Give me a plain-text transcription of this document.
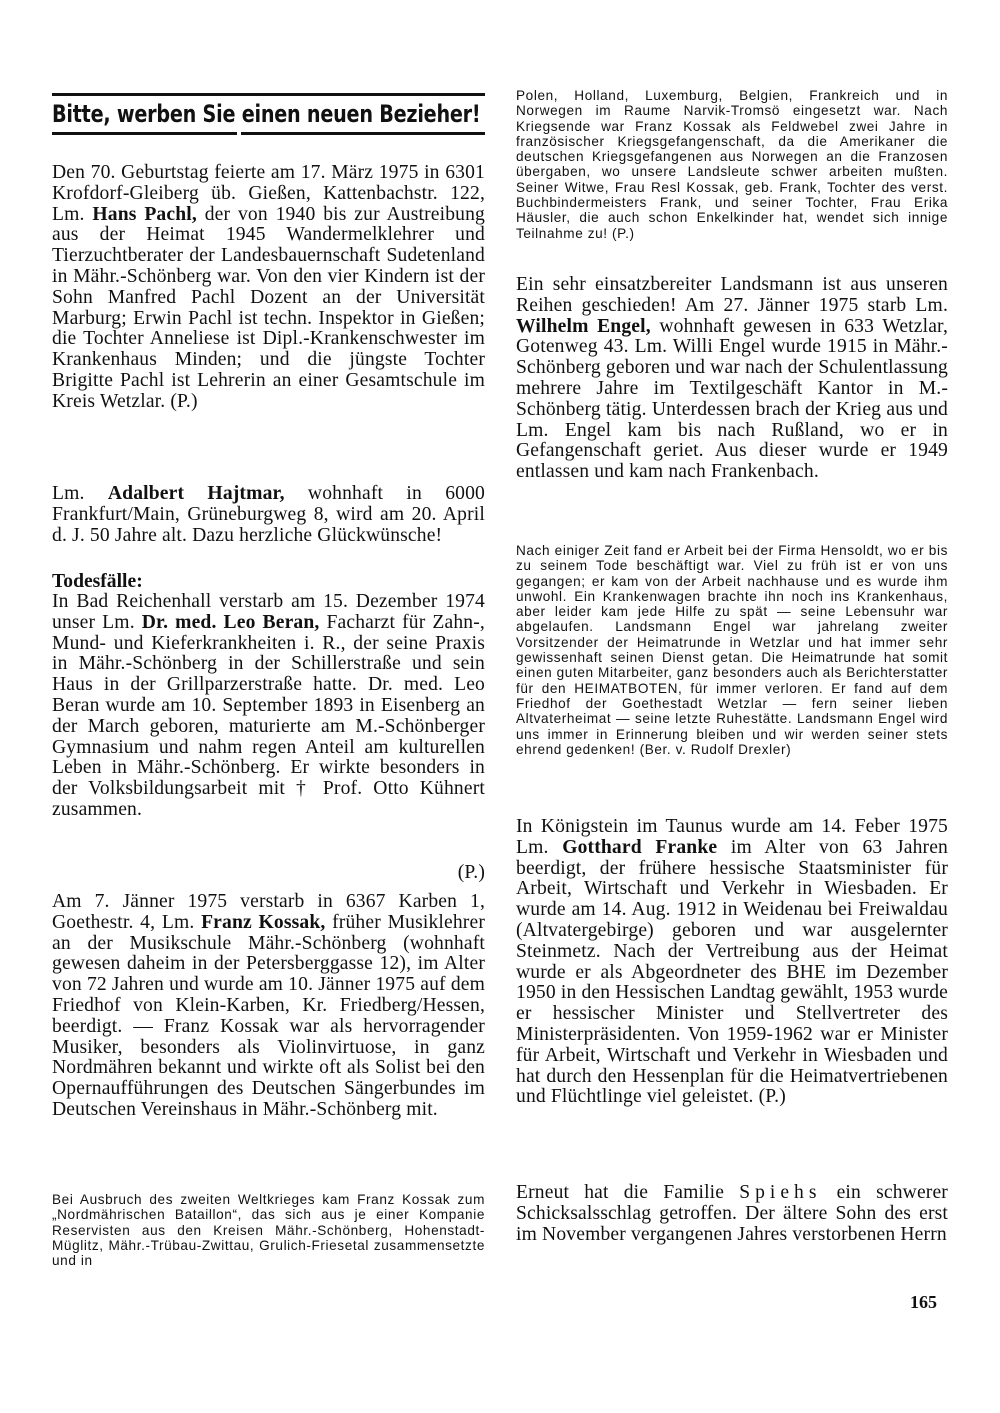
Bitte, werben Sie einen neuen Bezieher!

Den 70. Geburtstag feierte am 17. März 1975 in 6301 Krofdorf-Gleiberg üb. Gießen, Kattenbachstr. 122, Lm. Hans Pachl, der von 1940 bis zur Austreibung aus der Heimat 1945 Wandermelklehrer und Tierzuchtberater der Landesbauernschaft Sudetenland in Mähr.-Schönberg war. Von den vier Kindern ist der Sohn Manfred Pachl Dozent an der Universität Marburg; Erwin Pachl ist techn. Inspektor in Gießen; die Tochter Anneliese ist Dipl.-Krankenschwester im Krankenhaus Minden; und die jüngste Tochter Brigitte Pachl ist Lehrerin an einer Gesamtschule im Kreis Wetzlar. (P.)

Lm. Adalbert Hajtmar, wohnhaft in 6000 Frankfurt/Main, Grüneburgweg 8, wird am 20. April d. J. 50 Jahre alt. Dazu herzliche Glückwünsche!

Todesfälle:

In Bad Reichenhall verstarb am 15. Dezember 1974 unser Lm. Dr. med. Leo Beran, Facharzt für Zahn-, Mund- und Kieferkrankheiten i. R., der seine Praxis in Mähr.-Schönberg in der Schillerstraße und sein Haus in der Grillparzerstraße hatte. Dr. med. Leo Beran wurde am 10. September 1893 in Eisenberg an der March geboren, maturierte am M.-Schönberger Gymnasium und nahm regen Anteil am kulturellen Leben in Mähr.-Schönberg. Er wirkte besonders in der Volksbildungsarbeit mit † Prof. Otto Kühnert zusammen.

(P.)

Am 7. Jänner 1975 verstarb in 6367 Karben 1, Goethestr. 4, Lm. Franz Kossak, früher Musiklehrer an der Musikschule Mähr.-Schönberg (wohnhaft gewesen daheim in der Petersberggasse 12), im Alter von 72 Jahren und wurde am 10. Jänner 1975 auf dem Friedhof von Klein-Karben, Kr. Friedberg/Hessen, beerdigt. — Franz Kossak war als hervorragender Musiker, besonders als Violinvirtuose, in ganz Nordmähren bekannt und wirkte oft als Solist bei den Opernaufführungen des Deutschen Sängerbundes im Deutschen Vereinshaus in Mähr.-Schönberg mit.

Bei Ausbruch des zweiten Weltkrieges kam Franz Kossak zum „Nordmährischen Bataillon“, das sich aus je einer Kompanie Reservisten aus den Kreisen Mähr.-Schönberg, Hohenstadt-Müglitz, Mähr.-Trübau-Zwittau, Grulich-Friesetal zusammensetzte und in

Polen, Holland, Luxemburg, Belgien, Frankreich und in Norwegen im Raume Narvik-Tromsö eingesetzt war. Nach Kriegsende war Franz Kossak als Feldwebel zwei Jahre in französischer Kriegsgefangenschaft, da die Amerikaner die deutschen Kriegsgefangenen aus Norwegen an die Franzosen übergaben, wo unsere Landsleute schwer arbeiten mußten. Seiner Witwe, Frau Resl Kossak, geb. Frank, Tochter des verst. Buchbindermeisters Frank, und seiner Tochter, Frau Erika Häusler, die auch schon Enkelkinder hat, wendet sich innige Teilnahme zu! (P.)

Ein sehr einsatzbereiter Landsmann ist aus unseren Reihen geschieden! Am 27. Jänner 1975 starb Lm. Wilhelm Engel, wohnhaft gewesen in 633 Wetzlar, Gotenweg 43. Lm. Willi Engel wurde 1915 in Mähr.-Schönberg geboren und war nach der Schulentlassung mehrere Jahre im Textilgeschäft Kantor in M.-Schönberg tätig. Unterdessen brach der Krieg aus und Lm. Engel kam bis nach Rußland, wo er in Gefangenschaft geriet. Aus dieser wurde er 1949 entlassen und kam nach Frankenbach.

Nach einiger Zeit fand er Arbeit bei der Firma Hensoldt, wo er bis zu seinem Tode beschäftigt war. Viel zu früh ist er von uns gegangen; er kam von der Arbeit nachhause und es wurde ihm unwohl. Ein Krankenwagen brachte ihn noch ins Krankenhaus, aber leider kam jede Hilfe zu spät — seine Lebensuhr war abgelaufen. Landsmann Engel war jahrelang zweiter Vorsitzender der Heimatrunde in Wetzlar und hat immer sehr gewissenhaft seinen Dienst getan. Die Heimatrunde hat somit einen guten Mitarbeiter, ganz besonders auch als Berichterstatter für den HEIMATBOTEN, für immer verloren. Er fand auf dem Friedhof der Goethestadt Wetzlar — fern seiner lieben Altvaterheimat — seine letzte Ruhestätte. Landsmann Engel wird uns immer in Erinnerung bleiben und wir werden seiner stets ehrend gedenken! (Ber. v. Rudolf Drexler)

In Königstein im Taunus wurde am 14. Feber 1975 Lm. Gotthard Franke im Alter von 63 Jahren beerdigt, der frühere hessische Staatsminister für Arbeit, Wirtschaft und Verkehr in Wiesbaden. Er wurde am 14. Aug. 1912 in Weidenau bei Freiwaldau (Altvatergebirge) geboren und war ausgelernter Steinmetz. Nach der Vertreibung aus der Heimat wurde er als Abgeordneter des BHE im Dezember 1950 in den Hessischen Landtag gewählt, 1953 wurde er hessischer Minister und Stellvertreter des Ministerpräsidenten. Von 1959-1962 war er Minister für Arbeit, Wirtschaft und Verkehr in Wiesbaden und hat durch den Hessenplan für die Heimatvertriebenen und Flüchtlinge viel geleistet. (P.)

Erneut hat die Familie Spiehs ein schwerer Schicksalsschlag getroffen. Der ältere Sohn des erst im November vergangenen Jahres verstorbenen Herrn

165
